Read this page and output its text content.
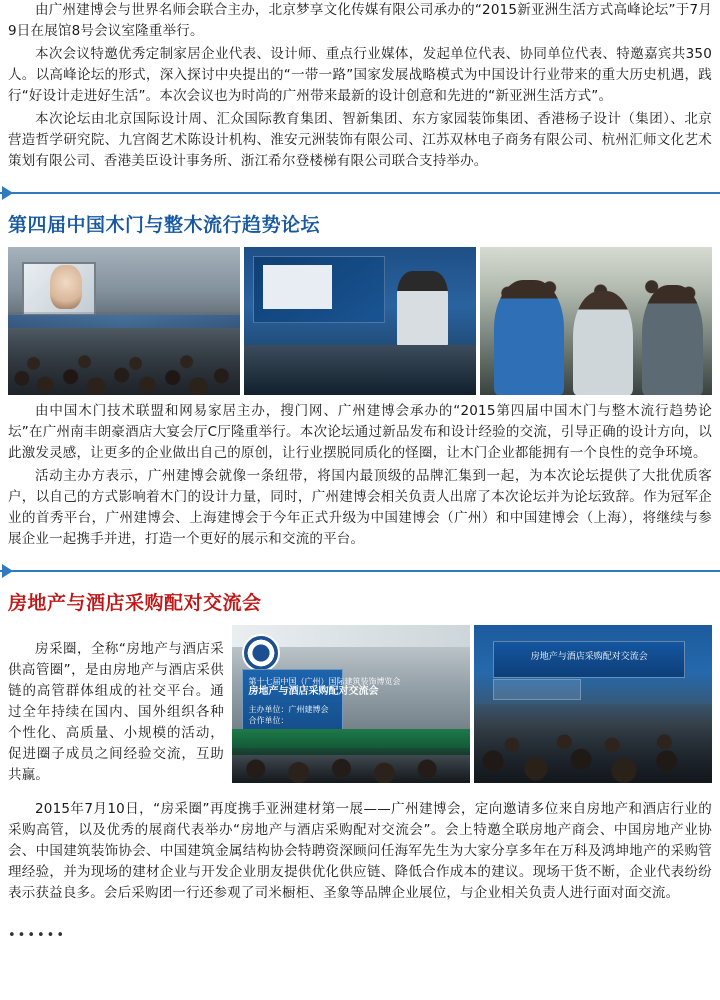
由广州建博会与世界名师会联合主办，北京梦享文化传媒有限公司承办的“2015新亚洲生活方式高峰论坛”于7月9日在展馆8号会议室隆重举行。

本次会议特邀优秀定制家居企业代表、设计师、重点行业媒体，发起单位代表、协同单位代表、特邀嘉宾共350人。以高峰论坛的形式，深入探讨中央提出的“一带一路”国家发展战略模式为中国设计行业带来的重大历史机遇，践行“好设计走进好生活”。本次会议也为时尚的广州带来最新的设计创意和先进的“新亚洲生活方式”。

本次论坛由北京国际设计周、汇众国际教育集团、智新集团、东方家园装饰集团、香港杨子设计（集团）、北京营造哲学研究院、九宫阁艺术陈设计机构、淮安元洲装饰有限公司、江苏双林电子商务有限公司、杭州汇师文化艺术策划有限公司、香港美臣设计事务所、浙江希尔登楼梯有限公司联合支持举办。

第四届中国木门与整木流行趋势论坛

由中国木门技术联盟和网易家居主办，搜门网、广州建博会承办的“2015第四届中国木门与整木流行趋势论坛”在广州南丰朗豪酒店大宴会厅C厅隆重举行。本次论坛通过新品发布和设计经验的交流，引导正确的设计方向，以此激发灵感，让更多的企业做出自己的原创，让行业摆脱同质化的怪圈，让木门企业都能拥有一个良性的竞争环境。

活动主办方表示，广州建博会就像一条纽带，将国内最顶级的品牌汇集到一起，为本次论坛提供了大批优质客户，以自己的方式影响着木门的设计力量，同时，广州建博会相关负责人出席了本次论坛并为论坛致辞。作为冠军企业的首秀平台，广州建博会、上海建博会于今年正式升级为中国建博会（广州）和中国建博会（上海），将继续与参展企业一起携手并进，打造一个更好的展示和交流的平台。

房地产与酒店采购配对交流会
第十七届中国（广州）国际建筑装饰博览会
房地产与酒店采购配对交流会
主办单位：广州建博会
合作单位：
房地产与酒店采购配对交流会

房采圈，全称“房地产与酒店采供高管圈”，是由房地产与酒店采供链的高管群体组成的社交平台。通过全年持续在国内、国外组织各种个性化、高质量、小规模的活动，促进圈子成员之间经验交流，互助共赢。

2015年7月10日，“房采圈”再度携手亚洲建材第一展——广州建博会，定向邀请多位来自房地产和酒店行业的采购高管，以及优秀的展商代表举办“房地产与酒店采购配对交流会”。会上特邀全联房地产商会、中国房地产业协会、中国建筑装饰协会、中国建筑金属结构协会特聘资深顾问任海军先生为大家分享多年在万科及鸿坤地产的采购管理经验，并为现场的建材企业与开发企业朋友提供优化供应链、降低合作成本的建议。现场干货不断，企业代表纷纷表示获益良多。会后采购团一行还参观了司米橱柜、圣象等品牌企业展位，与企业相关负责人进行面对面交流。

••••••
